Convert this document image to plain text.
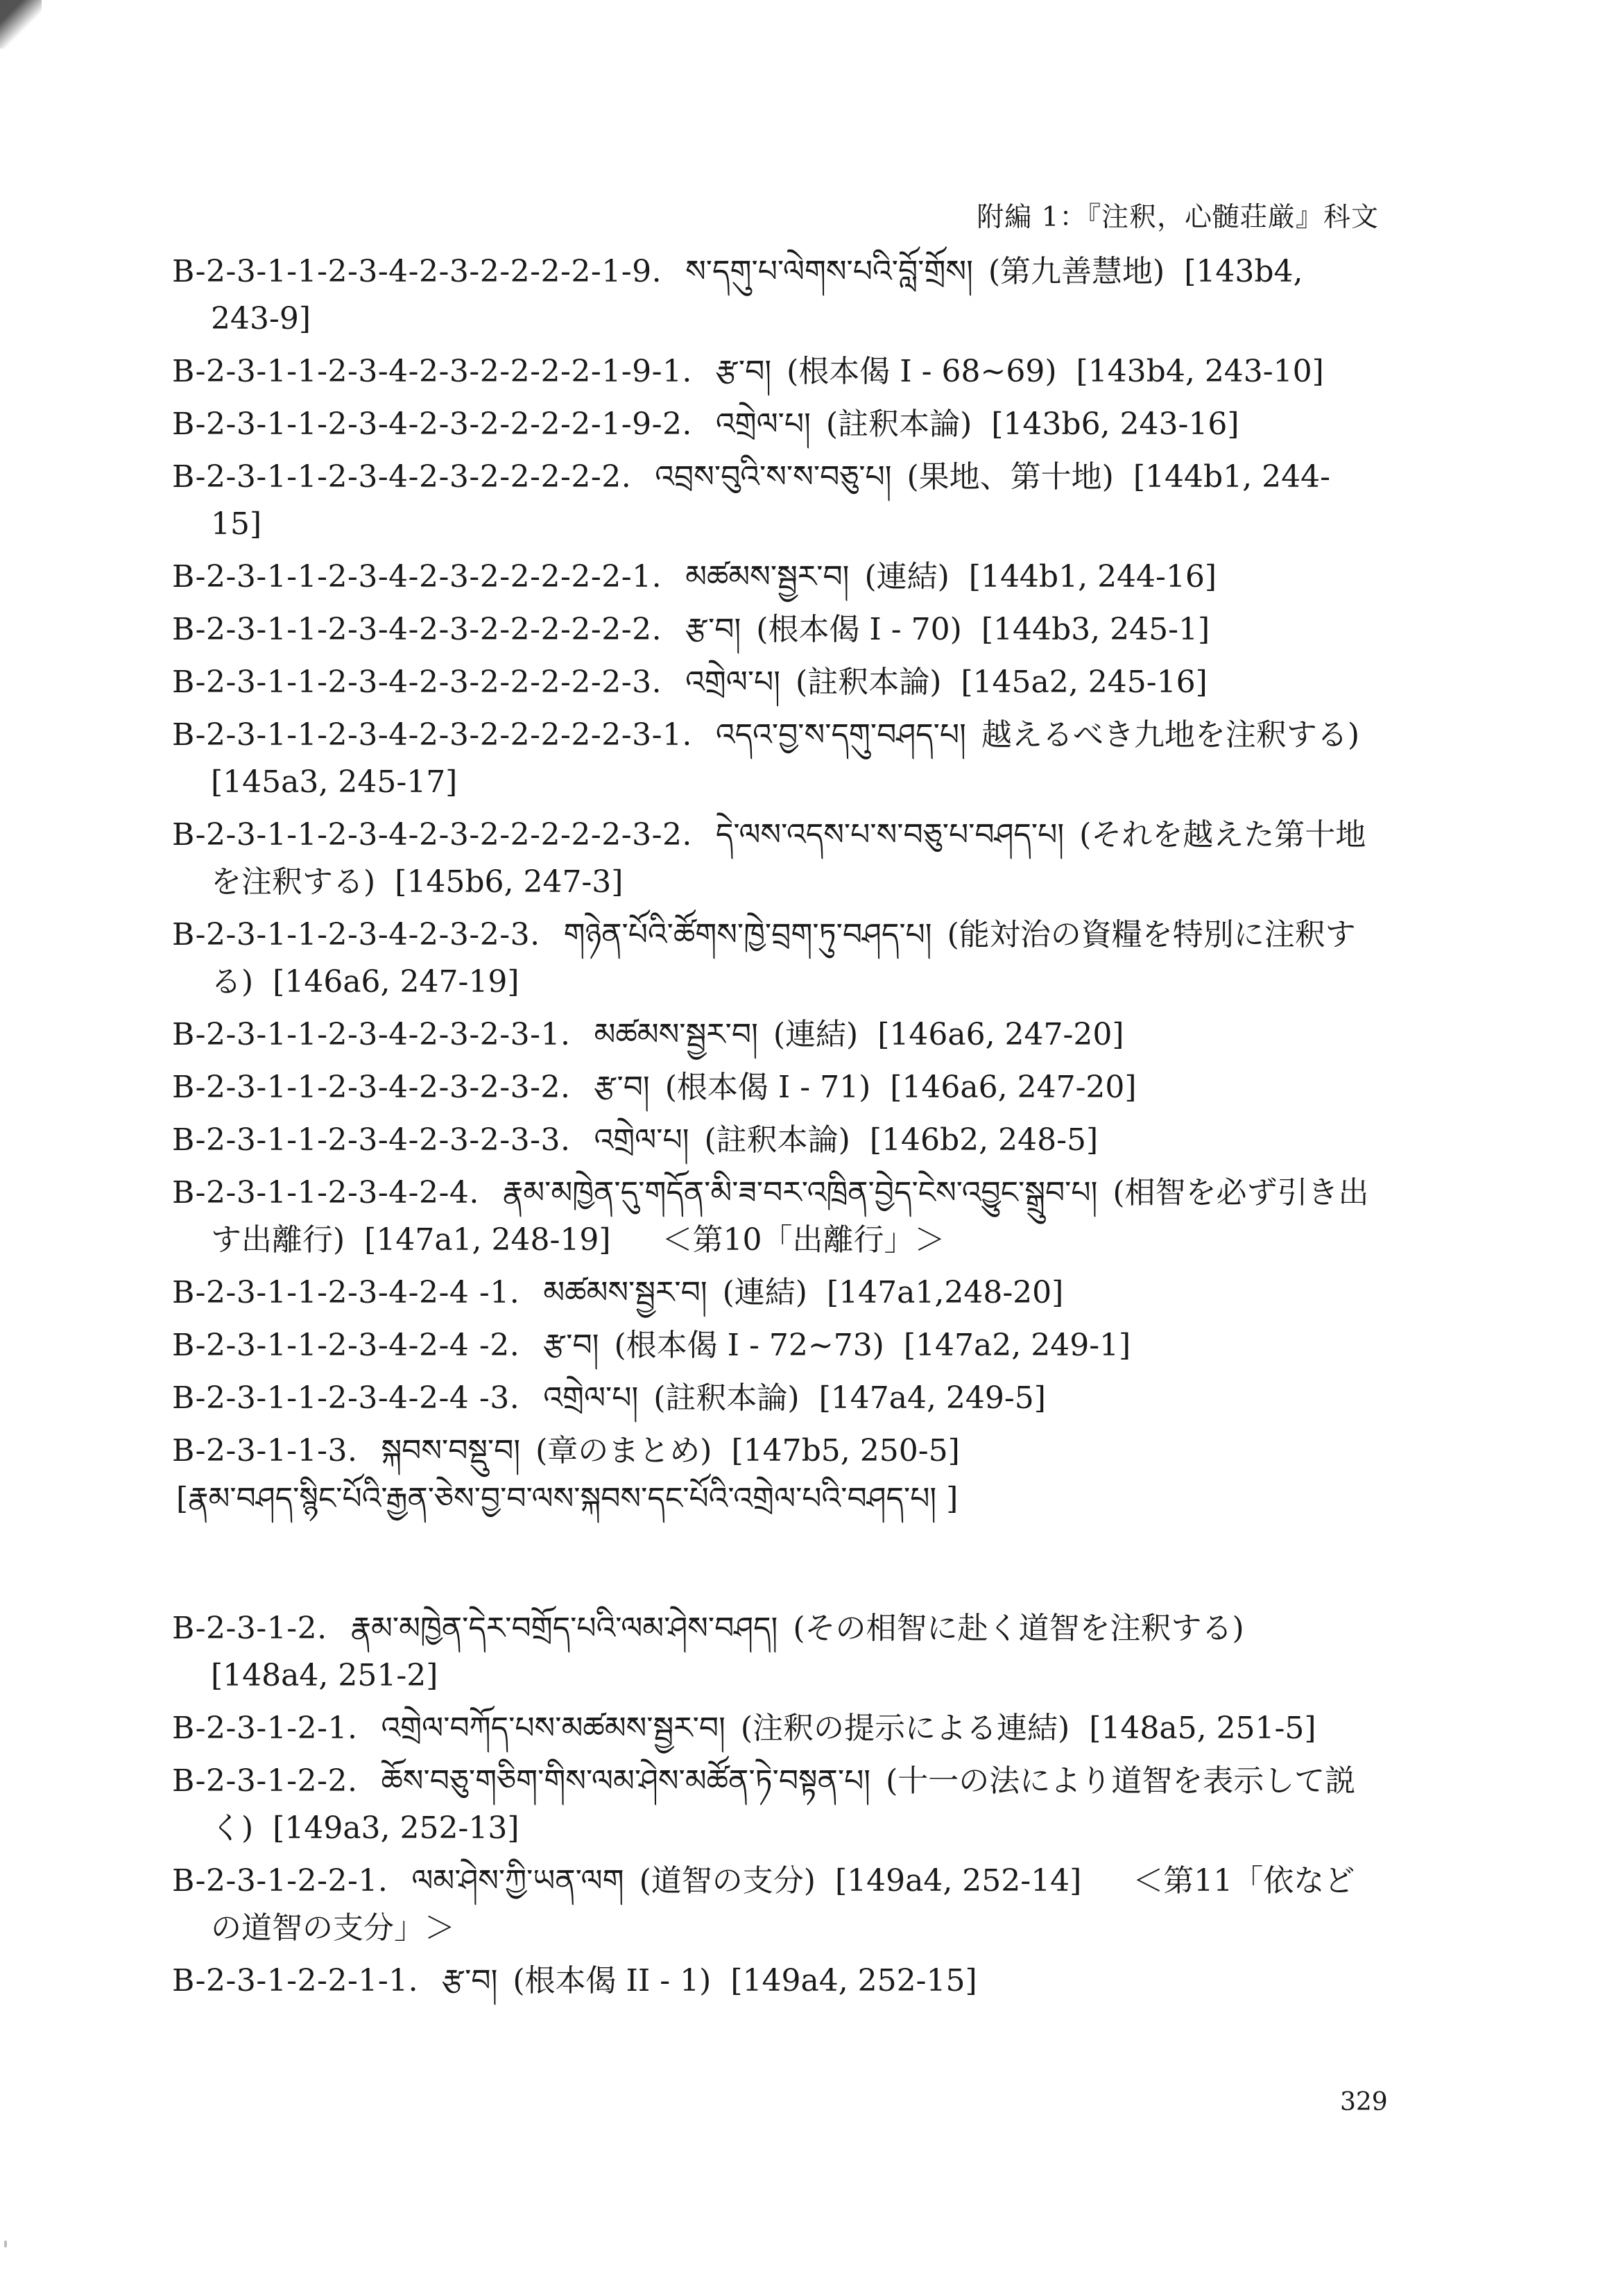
附編 1：『注釈，心髄荘厳』科文

B-2-3-1-1-2-3-4-2-3-2-2-2-2-1-9. ས་དགུ་པ་ལེགས་པའི་བློ་གྲོས། (第九善慧地) [143b4, 243-9]

B-2-3-1-1-2-3-4-2-3-2-2-2-2-1-9-1. རྩ་བ། (根本偈 I - 68~69) [143b4, 243-10]

B-2-3-1-1-2-3-4-2-3-2-2-2-2-1-9-2. འགྲེལ་པ། (註釈本論) [143b6, 243-16]

B-2-3-1-1-2-3-4-2-3-2-2-2-2-2. འབྲས་བུའི་ས་ས་བཅུ་པ། (果地、第十地) [144b1, 244-15]

B-2-3-1-1-2-3-4-2-3-2-2-2-2-2-1. མཚམས་སྦྱར་བ། (連結) [144b1, 244-16]

B-2-3-1-1-2-3-4-2-3-2-2-2-2-2-2. རྩ་བ། (根本偈 I - 70) [144b3, 245-1]

B-2-3-1-1-2-3-4-2-3-2-2-2-2-2-3. འགྲེལ་པ། (註釈本論) [145a2, 245-16]

B-2-3-1-1-2-3-4-2-3-2-2-2-2-2-3-1. འདའ་བྱ་ས་དགུ་བཤད་པ། 越えるべき九地を注釈する) [145a3, 245-17]

B-2-3-1-1-2-3-4-2-3-2-2-2-2-2-3-2. དེ་ལས་འདས་པ་ས་བཅུ་པ་བཤད་པ། (それを越えた第十地を注釈する) [145b6, 247-3]

B-2-3-1-1-2-3-4-2-3-2-3. གཉེན་པོའི་ཚོགས་ཁྱེ་བྲག་ཏུ་བཤད་པ། (能対治の資糧を特別に注釈する) [146a6, 247-19]

B-2-3-1-1-2-3-4-2-3-2-3-1. མཚམས་སྦྱར་བ། (連結) [146a6, 247-20]

B-2-3-1-1-2-3-4-2-3-2-3-2. རྩ་བ། (根本偈 I - 71) [146a6, 247-20]

B-2-3-1-1-2-3-4-2-3-2-3-3. འགྲེལ་པ། (註釈本論) [146b2, 248-5]

B-2-3-1-1-2-3-4-2-4. རྣམ་མཁྱེན་དུ་གདོན་མི་ཟ་བར་འཁྲིན་བྱེད་ངེས་འབྱུང་སྒྲུབ་པ། (相智を必ず引き出す出離行) [147a1, 248-19] ＜第10「出離行」＞

B-2-3-1-1-2-3-4-2-4 -1. མཚམས་སྦྱར་བ། (連結) [147a1,248-20]

B-2-3-1-1-2-3-4-2-4 -2. རྩ་བ། (根本偈 I - 72~73) [147a2, 249-1]

B-2-3-1-1-2-3-4-2-4 -3. འགྲེལ་པ། (註釈本論) [147a4, 249-5]

B-2-3-1-1-3. སྐབས་བསྡུ་བ། (章のまとめ) [147b5, 250-5]

[རྣམ་བཤད་སྙིང་པོའི་རྒྱན་ཅེས་བྱ་བ་ལས་སྐབས་དང་པོའི་འགྲེལ་པའི་བཤད་པ། ]

B-2-3-1-2. རྣམ་མཁྱེན་དེར་བགྲོད་པའི་ལམ་ཤེས་བཤད། (その相智に赴く道智を注釈する) [148a4, 251-2]

B-2-3-1-2-1. འགྲེལ་བཀོད་པས་མཚམས་སྦྱར་བ། (注釈の提示による連結) [148a5, 251-5]

B-2-3-1-2-2. ཆོས་བཅུ་གཅིག་གིས་ལམ་ཤེས་མཚོན་ཏེ་བསྟན་པ། (十一の法により道智を表示して説く) [149a3, 252-13]

B-2-3-1-2-2-1. ལམ་ཤེས་ཀྱི་ཡན་ལག (道智の支分) [149a4, 252-14] ＜第11「依などの道智の支分」＞

B-2-3-1-2-2-1-1. རྩ་བ། (根本偈 II - 1) [149a4, 252-15]

329
